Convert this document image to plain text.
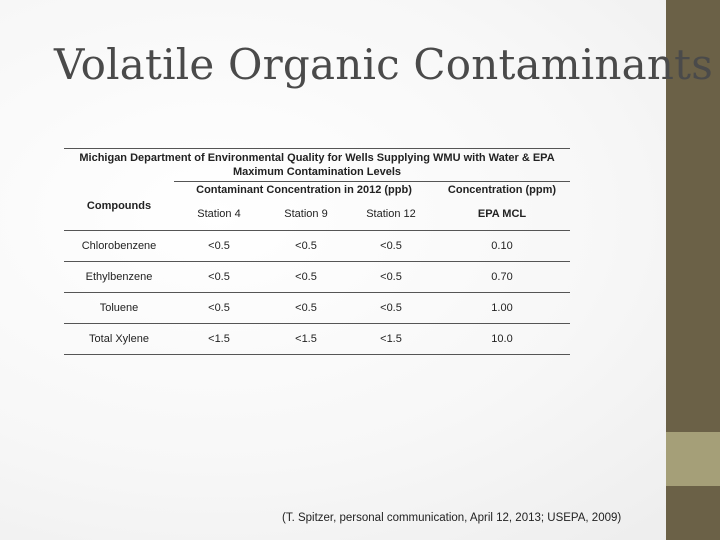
Volatile Organic Contaminants
Michigan Department of Environmental Quality for Wells Supplying WMU with Water & EPA
Maximum Contamination Levels				

Compounds	Contaminant Concentration in 2012 (ppb)			Concentration (ppm)
	Station 4	Station 9	Station 12	EPA MCL
Chlorobenzene	<0.5	<0.5	<0.5	0.10
Ethylbenzene	<0.5	<0.5	<0.5	0.70
Toluene	<0.5	<0.5	<0.5	1.00
Total Xylene	<1.5	<1.5	<1.5	10.0
(T. Spitzer, personal communication, April 12, 2013; USEPA, 2009)
